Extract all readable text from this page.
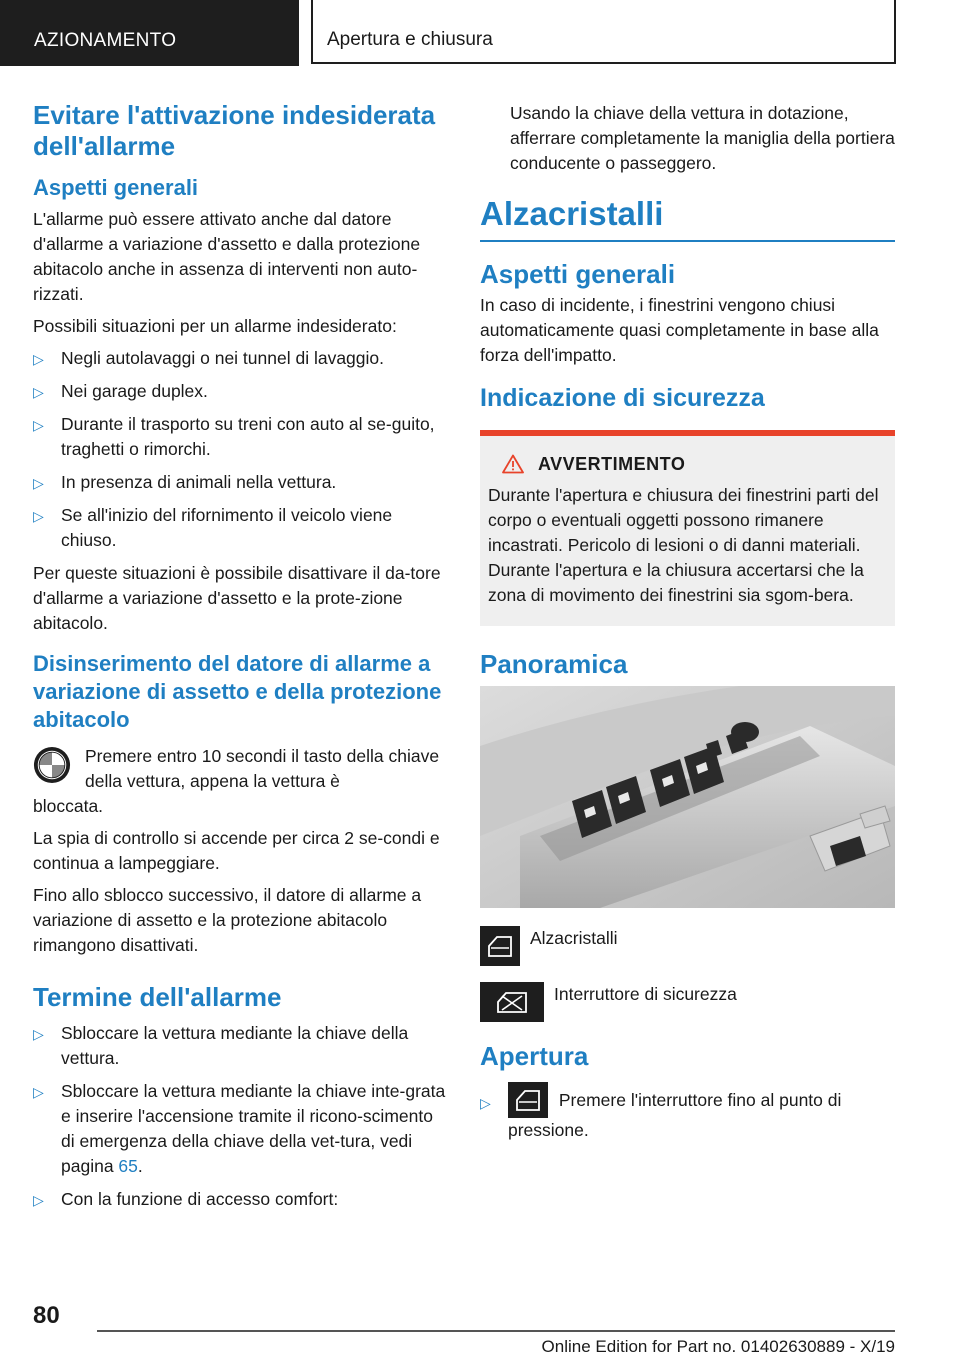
AZIONAMENTO	Apertura e chiusura
Evitare l'attivazione indesiderata dell'allarme
Aspetti generali

L'allarme può essere attivato anche dal datore d'allarme a variazione d'assetto e dalla protezione abitacolo anche in assenza di interventi non auto-rizzati.

Possibili situazioni per un allarme indesiderato:

▷ Negli autolavaggi o nei tunnel di lavaggio.
▷ Nei garage duplex.
▷ Durante il trasporto su treni con auto al se-guito, traghetti o rimorchi.
▷ In presenza di animali nella vettura.
▷ Se all'inizio del rifornimento il veicolo viene chiuso.

Per queste situazioni è possibile disattivare il da-tore d'allarme a variazione d'assetto e la prote-zione abitacolo.

Disinserimento del datore di allarme a variazione di assetto e della protezione abitacolo
Premere entro 10 secondi il tasto della chiave della vettura, appena la vettura è
bloccata.

La spia di controllo si accende per circa 2 se-condi e continua a lampeggiare.

Fino allo sblocco successivo, il datore di allarme a variazione di assetto e la protezione abitacolo rimangono disattivati.

Termine dell'allarme
▷ Sbloccare la vettura mediante la chiave della vettura.
▷ Sbloccare la vettura mediante la chiave inte-grata e inserire l'accensione tramite il ricono-scimento di emergenza della chiave della vet-tura, vedi pagina 65.
▷ Con la funzione di accesso comfort:

Usando la chiave della vettura in dotazione, afferrare completamente la maniglia della portiera conducente o passeggero.

Alzacristalli
Aspetti generali

In caso di incidente, i finestrini vengono chiusi automaticamente quasi completamente in base alla forza dell'impatto.

Indicazione di sicurezza
AVVERTIMENTO

Durante l'apertura e chiusura dei finestrini parti del corpo o eventuali oggetti possono rimanere incastrati. Pericolo di lesioni o di danni materiali. Durante l'apertura e la chiusura accertarsi che la zona di movimento dei finestrini sia sgom-bera.

Panoramica
Alzacristalli
Interruttore di sicurezza
Apertura
▷	Premere l'interruttore fino al punto di pressione.
80
Online Edition for Part no. 01402630889 - X/19
